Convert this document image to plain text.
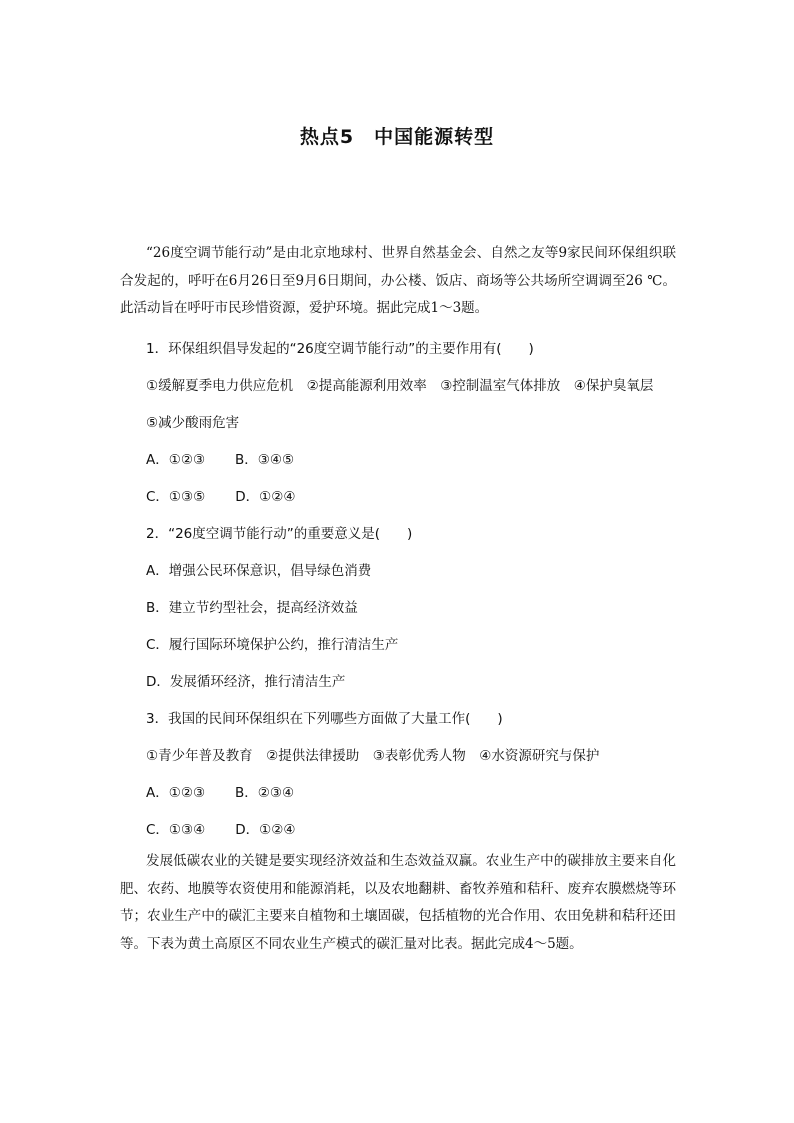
热点5　中国能源转型
“26度空调节能行动”是由北京地球村、世界自然基金会、自然之友等9家民间环保组织联合发起的，呼吁在6月26日至9月6日期间，办公楼、饭店、商场等公共场所空调调至26 ℃。此活动旨在呼吁市民珍惜资源，爱护环境。据此完成1～3题。
1．环保组织倡导发起的“26度空调节能行动”的主要作用有(　　)
①缓解夏季电力供应危机　②提高能源利用效率　③控制温室气体排放　④保护臭氧层
⑤减少酸雨危害
A．①②③ B．③④⑤
C．①③⑤ D．①②④
2．“26度空调节能行动”的重要意义是(　　)
A．增强公民环保意识，倡导绿色消费
B．建立节约型社会，提高经济效益
C．履行国际环境保护公约，推行清洁生产
D．发展循环经济，推行清洁生产
3．我国的民间环保组织在下列哪些方面做了大量工作(　　)
①青少年普及教育　②提供法律援助　③表彰优秀人物　④水资源研究与保护
A．①②③ B．②③④
C．①③④ D．①②④
发展低碳农业的关键是要实现经济效益和生态效益双赢。农业生产中的碳排放主要来自化肥、农药、地膜等农资使用和能源消耗，以及农地翻耕、畜牧养殖和秸秆、废弃农膜燃烧等环节；农业生产中的碳汇主要来自植物和土壤固碳，包括植物的光合作用、农田免耕和秸秆还田等。下表为黄土高原区不同农业生产模式的碳汇量对比表。据此完成4～5题。
